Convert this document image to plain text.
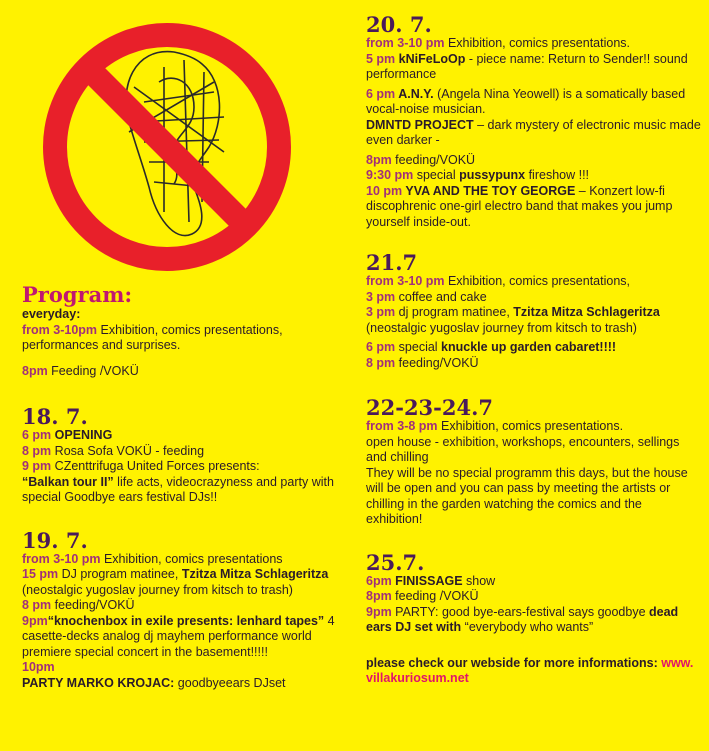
Program:
everyday:
from 3-10pm Exhibition, comics presentations, performances and surprises.
8pm Feeding /VOKÜ
18. 7.
6 pm OPENING
8 pm Rosa Sofa VOKÜ - feeding
9 pm CZenttrifuga United Forces presents:
“Balkan tour II” life acts, videocrazyness and party with special Goodbye ears festival DJs!!
19. 7.
from 3-10 pm Exhibition, comics presentations
15 pm DJ program matinee, Tzitza Mitza Schlageritza (neostalgic yugoslav journey from kitsch to trash)
8 pm feeding/VOKÜ
9pm“knochenbox in exile presents: lenhard tapes” 4 casette-decks analog dj mayhem performance world premiere special concert in the basement!!!!!
10pm
PARTY MARKO KROJAC: goodbyeears DJset
20. 7.
from 3-10 pm Exhibition, comics presentations.
5 pm kNiFeLoOp - piece name: Return to Sender!! sound performance
6 pm A.N.Y. (Angela Nina Yeowell) is a somatically based vocal-noise musician.
DMNTD PROJECT – dark mystery of electronic music made even darker -
8pm feeding/VOKÜ
9:30 pm special pussypunx fireshow !!!
10 pm YVA AND THE TOY GEORGE – Konzert low-fi discophrenic one-girl electro band that makes you jump yourself inside-out.
21.7
from 3-10 pm Exhibition, comics presentations,
3 pm coffee and cake
3 pm dj program matinee, Tzitza Mitza Schlageritza (neostalgic yugoslav journey from kitsch to trash)
6 pm special knuckle up garden cabaret!!!!
8 pm feeding/VOKÜ
22-23-24.7
from 3-8 pm Exhibition, comics presentations.
open house - exhibition, workshops, encounters, sellings and chilling
They will be no special programm this days, but the house will be open and you can pass by meeting the artists or chilling in the garden watching the comics and the exhibition!
25.7.
6pm FINISSAGE show
8pm feeding /VOKÜ
9pm PARTY: good bye-ears-festival says goodbye dead ears DJ set with “everybody who wants”
please check our webside for more informations: www. villakuriosum.net
